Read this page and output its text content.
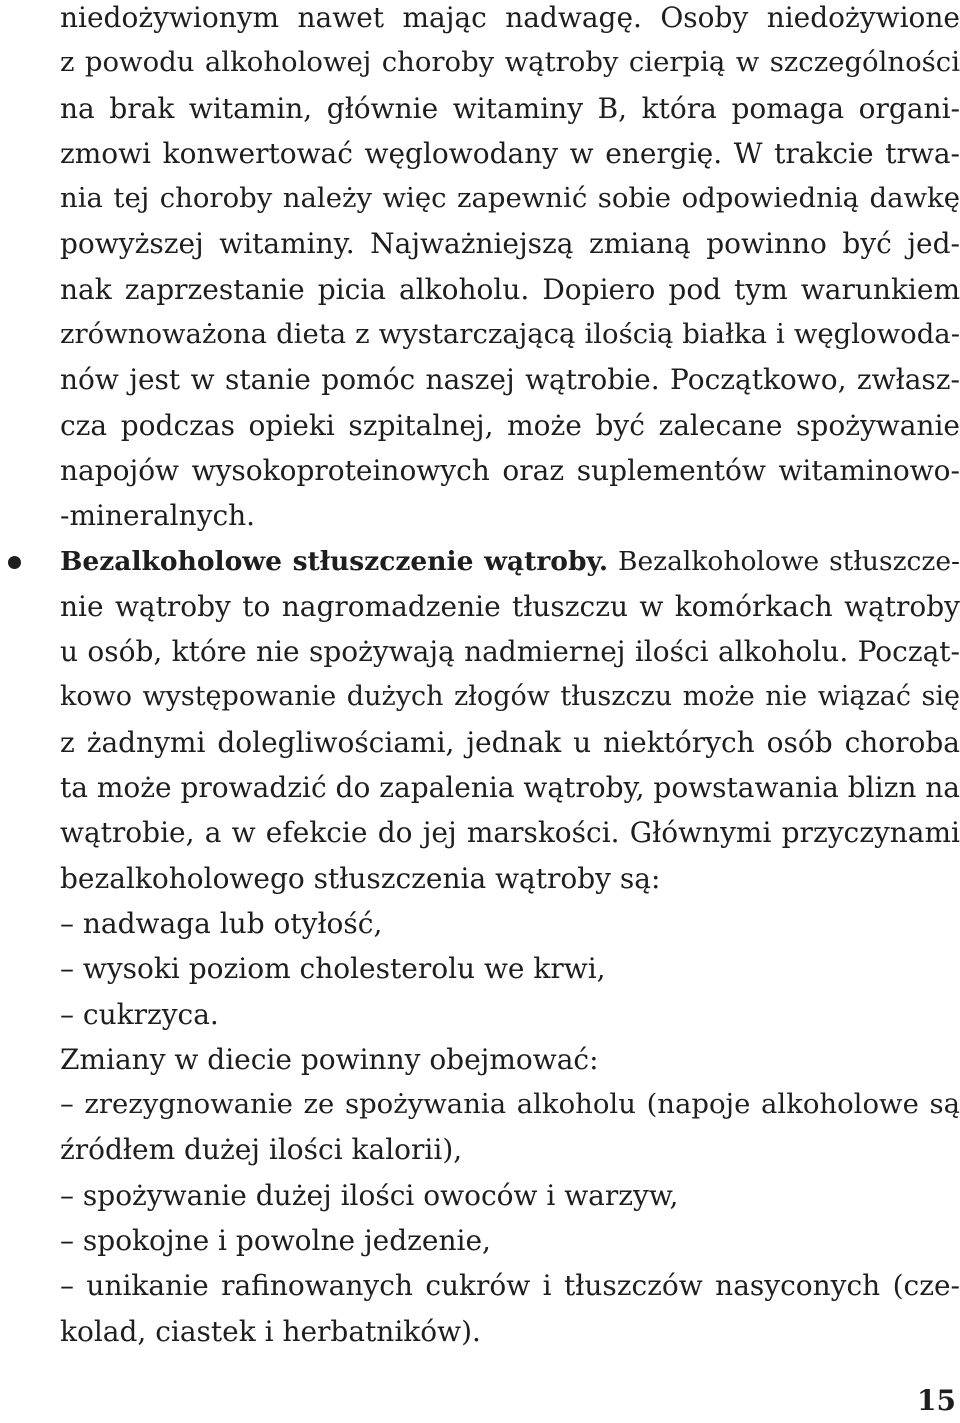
niedożywionym nawet mając nadwagę. Osoby niedożywione
z powodu alkoholowej choroby wątroby cierpią w szczególności
na brak witamin, głównie witaminy B, która pomaga organi-
zmowi konwertować węglowodany w energię. W trakcie trwa-
nia tej choroby należy więc zapewnić sobie odpowiednią dawkę
powyższej witaminy. Najważniejszą zmianą powinno być jed-
nak zaprzestanie picia alkoholu. Dopiero pod tym warunkiem
zrównoważona dieta z wystarczającą ilością białka i węglowoda-
nów jest w stanie pomóc naszej wątrobie. Początkowo, zwłasz-
cza podczas opieki szpitalnej, może być zalecane spożywanie
napojów wysokoproteinowych oraz suplementów witaminowo-
-mineralnych.
Bezalkoholowe stłuszczenie wątroby. Bezalkoholowe stłuszcze-
nie wątroby to nagromadzenie tłuszczu w komórkach wątroby
u osób, które nie spożywają nadmiernej ilości alkoholu. Począt-
kowo występowanie dużych złogów tłuszczu może nie wiązać się
z żadnymi dolegliwościami, jednak u niektórych osób choroba
ta może prowadzić do zapalenia wątroby, powstawania blizn na
wątrobie, a w efekcie do jej marskości. Głównymi przyczynami
bezalkoholowego stłuszczenia wątroby są:
– nadwaga lub otyłość,
– wysoki poziom cholesterolu we krwi,
– cukrzyca.
Zmiany w diecie powinny obejmować:
– zrezygnowanie ze spożywania alkoholu (napoje alkoholowe są
źródłem dużej ilości kalorii),
– spożywanie dużej ilości owoców i warzyw,
– spokojne i powolne jedzenie,
– unikanie rafinowanych cukrów i tłuszczów nasyconych (cze-
kolad, ciastek i herbatników).
15
